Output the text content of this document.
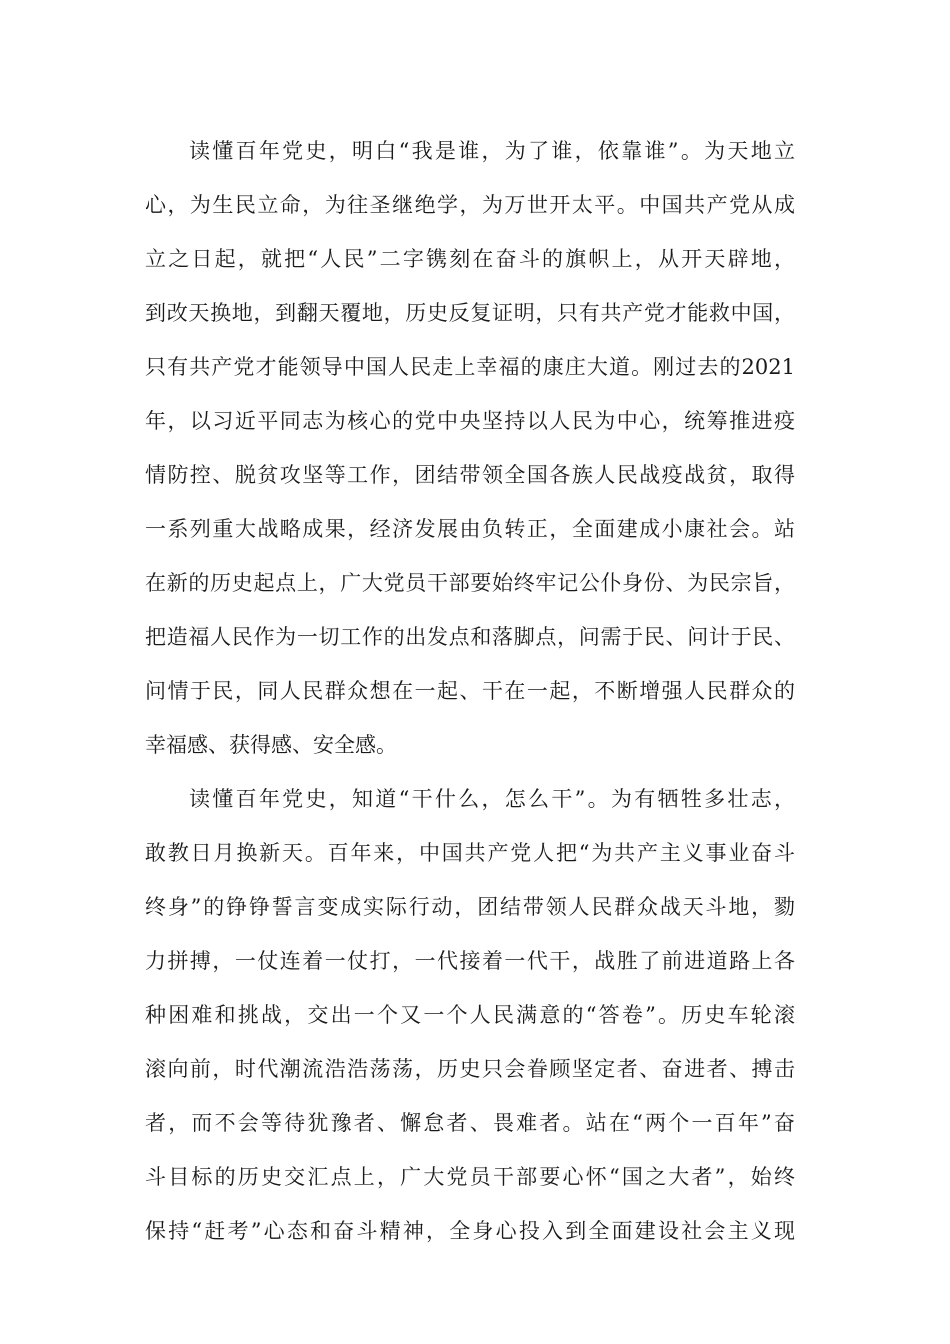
读懂百年党史，明白“我是谁，为了谁，依靠谁”。为天地立
心，为生民立命，为往圣继绝学，为万世开太平。中国共产党从成
立之日起，就把“人民”二字镌刻在奋斗的旗帜上，从开天辟地，
到改天换地，到翻天覆地，历史反复证明，只有共产党才能救中国，
只有共产党才能领导中国人民走上幸福的康庄大道。刚过去的2021
年，以习近平同志为核心的党中央坚持以人民为中心，统筹推进疫
情防控、脱贫攻坚等工作，团结带领全国各族人民战疫战贫，取得
一系列重大战略成果，经济发展由负转正，全面建成小康社会。站
在新的历史起点上，广大党员干部要始终牢记公仆身份、为民宗旨，
把造福人民作为一切工作的出发点和落脚点，问需于民、问计于民、
问情于民，同人民群众想在一起、干在一起，不断增强人民群众的
幸福感、获得感、安全感。
读懂百年党史，知道“干什么，怎么干”。为有牺牲多壮志，
敢教日月换新天。百年来，中国共产党人把“为共产主义事业奋斗
终身”的铮铮誓言变成实际行动，团结带领人民群众战天斗地，勠
力拼搏，一仗连着一仗打，一代接着一代干，战胜了前进道路上各
种困难和挑战，交出一个又一个人民满意的“答卷”。历史车轮滚
滚向前，时代潮流浩浩荡荡，历史只会眷顾坚定者、奋进者、搏击
者，而不会等待犹豫者、懈怠者、畏难者。站在“两个一百年”奋
斗目标的历史交汇点上，广大党员干部要心怀“国之大者”，始终
保持“赶考”心态和奋斗精神，全身心投入到全面建设社会主义现
